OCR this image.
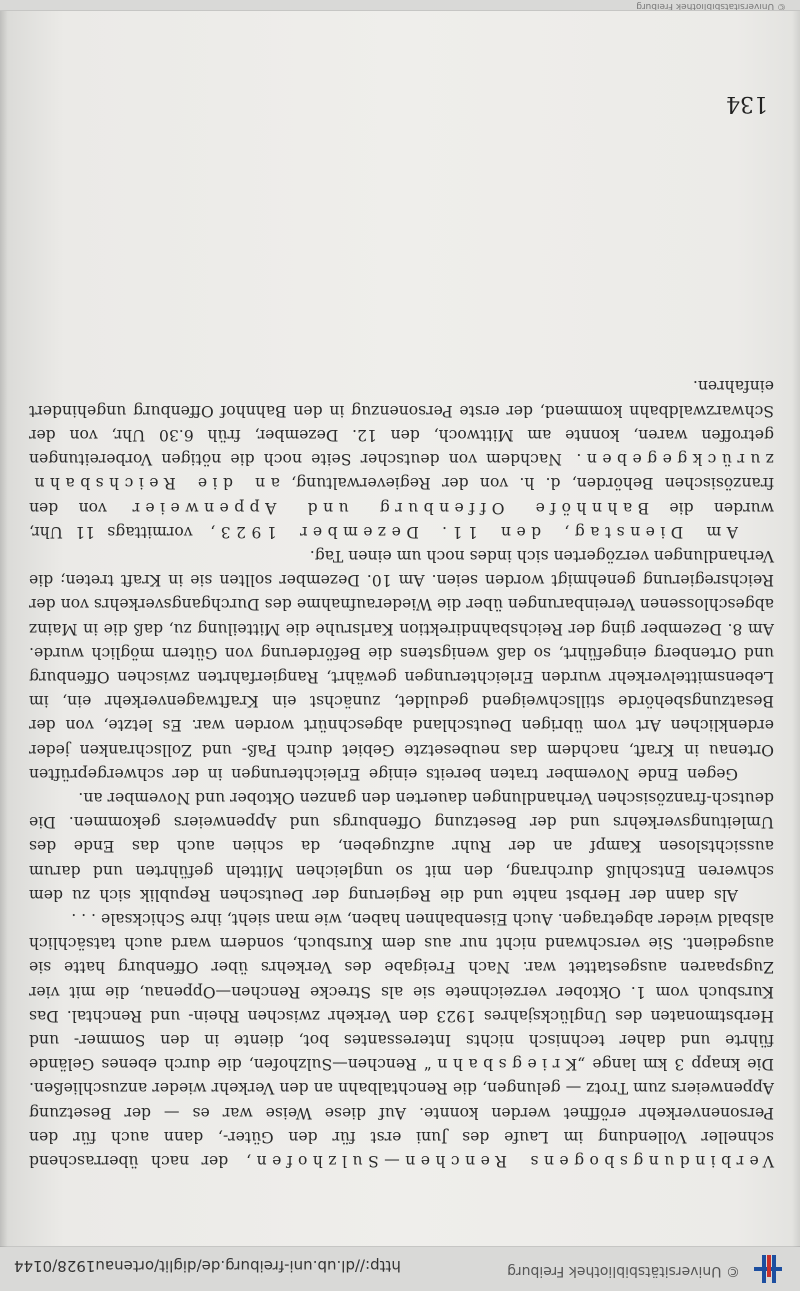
© Universitätsbibliothek Freiburg
http://dl.ub.uni-freiburg.de/diglit/ortenau1928/0144
134

Verbindungsbogens Renchen—Sulzhofen, der nach überraschend schneller Vollendung im Laufe des Juni erst für den Güter-, dann auch für den Personenverkehr eröffnet werden konnte. Auf diese Weise war es — der Besetzung Appenweiers zum Trotz — gelungen, die Renchtalbahn an den Verkehr wieder anzuschließen. Die knapp 3 km lange „Kriegsbahn“ Renchen—Sulzhofen, die durch ebenes Gelände führte und daher technisch nichts Interessantes bot, diente in den Sommer- und Herbstmonaten des Unglücksjahres 1923 den Verkehr zwischen Rhein- und Renchtal. Das Kursbuch vom 1. Oktober verzeichnete sie als Strecke Renchen—Oppenau, die mit vier Zugspaaren ausgestattet war. Nach Freigabe des Verkehrs über Offenburg hatte sie ausgedient. Sie verschwand nicht nur aus dem Kursbuch, sondern ward auch tatsächlich alsbald wieder abgetragen. Auch Eisenbahnen haben, wie man sieht, ihre Schicksale . . .

Als dann der Herbst nahte und die Regierung der Deutschen Republik sich zu dem schweren Entschluß durchrang, den mit so ungleichen Mitteln geführten und darum aussichtslosen Kampf an der Ruhr aufzugeben, da schien auch das Ende des Umleitungsverkehrs und der Besetzung Offenburgs und Appenweiers gekommen. Die deutsch-französischen Verhandlungen dauerten den ganzen Oktober und November an.

Gegen Ende November traten bereits einige Erleichterungen in der schwergeprüften Ortenau in Kraft, nachdem das neubesetzte Gebiet durch Paß- und Zollschranken jeder erdenklichen Art vom übrigen Deutschland abgeschnürt worden war. Es letzte, von der Besatzungsbehörde stillschweigend geduldet, zunächst ein Kraftwagenverkehr ein, im Lebensmittelverkehr wurden Erleichterungen gewährt, Rangierfahrten zwischen Offenburg und Ortenberg eingeführt, so daß wenigstens die Beförderung von Gütern möglich wurde. Am 8. Dezember ging der Reichsbahndirektion Karlsruhe die Mitteilung zu, daß die in Mainz abgeschlossenen Vereinbarungen über die Wiederaufnahme des Durchgangsverkehrs von der Reichsregierung genehmigt worden seien. Am 10. Dezember sollten sie in Kraft treten; die Verhandlungen verzögerten sich indes noch um einen Tag.

Am Dienstag, den 11. Dezember 1923, vormittags 11 Uhr, wurden die Bahnhöfe Offenburg und Appenweier von den französischen Behörden, d. h. von der Regieverwaltung, an die Reichsbahn zurückgegeben. Nachdem von deutscher Seite noch die nötigen Vorbereitungen getroffen waren, konnte am Mittwoch, den 12. Dezember, früh 6.30 Uhr, von der Schwarzwaldbahn kommend, der erste Personenzug in den Bahnhof Offenburg ungehindert einfahren.

© Universitätsbibliothek Freiburg
